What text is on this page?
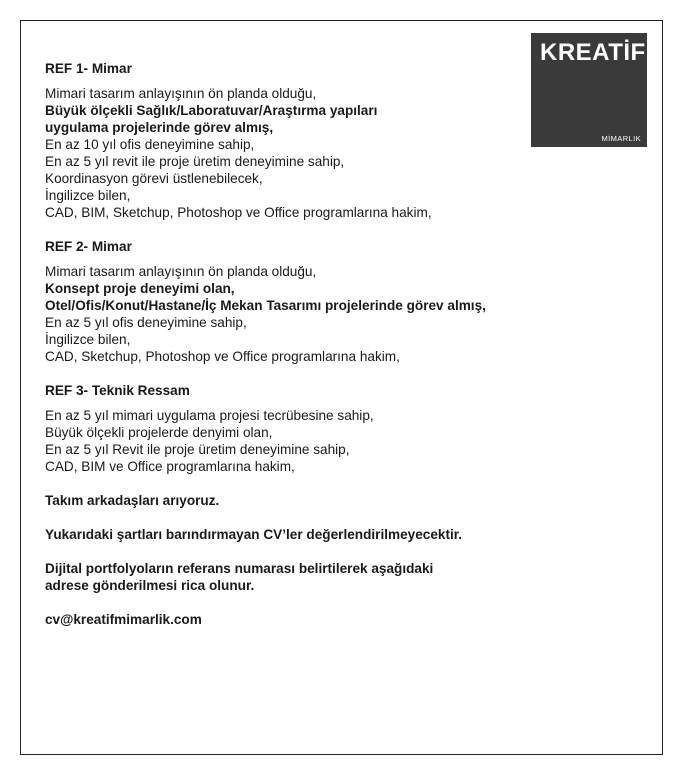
KREATİF
MİMARLIK

REF 1- Mimar

Mimari tasarım anlayışının ön planda olduğu,

Büyük ölçekli Sağlık/Laboratuvar/Araştırma yapıları

uygulama projelerinde görev almış,

En az 10 yıl ofis deneyimine sahip,

En az 5 yıl revit ile proje üretim deneyimine sahip,

Koordinasyon görevi üstlenebilecek,

İngilizce bilen,

CAD, BIM, Sketchup, Photoshop ve Office programlarına hakim,

REF 2- Mimar

Mimari tasarım anlayışının ön planda olduğu,

Konsept proje deneyimi olan,

Otel/Ofis/Konut/Hastane/İç Mekan Tasarımı projelerinde görev almış,

En az 5 yıl ofis deneyimine sahip,

İngilizce bilen,

CAD, Sketchup, Photoshop ve Office programlarına hakim,

REF 3- Teknik Ressam

En az 5 yıl mimari uygulama projesi tecrübesine sahip,

Büyük ölçekli projelerde denyimi olan,

En az 5 yıl Revit ile proje üretim deneyimine sahip,

CAD, BIM ve Office programlarına hakim,

Takım arkadaşları arıyoruz.

Yukarıdaki şartları barındırmayan CV’ler değerlendirilmeyecektir.

Dijital portfolyoların referans numarası belirtilerek aşağıdaki

adrese gönderilmesi rica olunur.

cv@kreatifmimarlik.com
